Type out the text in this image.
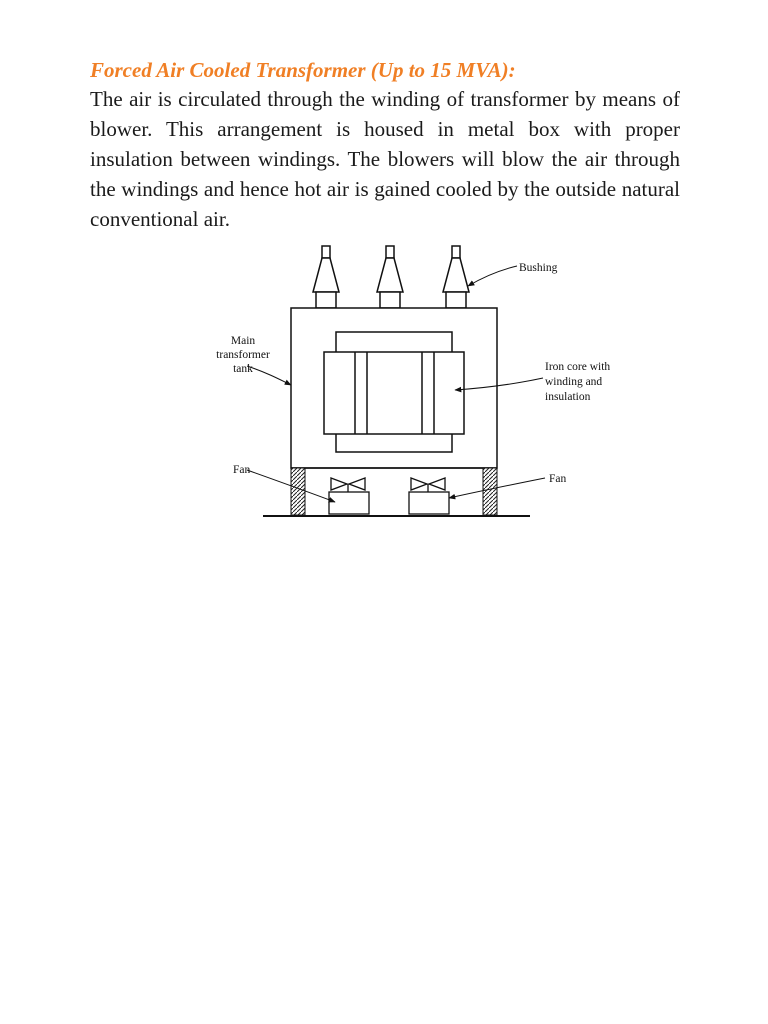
Forced Air Cooled Transformer (Up to 15 MVA):
The air is circulated through the winding of transformer by means of blower. This arrangement is housed in metal box with proper insulation between windings. The blowers will blow the air through the windings and hence hot air is gained cooled by the outside natural conventional air.
Bushing
Main
transformer
tank	Iron core with
winding and
insulation
Fan
Fan
